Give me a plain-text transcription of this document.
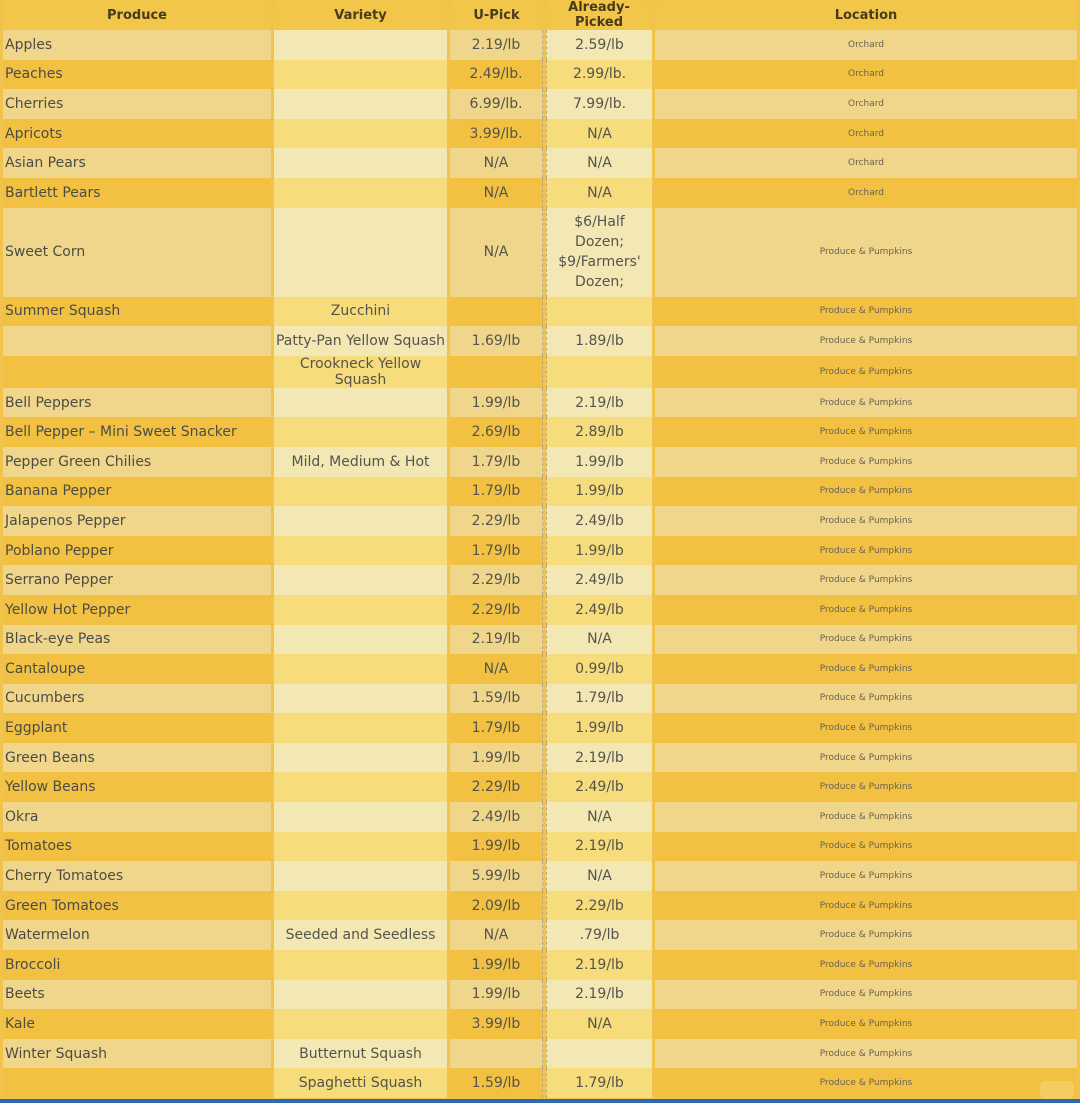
Produce	Variety	U-Pick	Already-Picked	Location
Apples		2.19/lb	2.59/lb	Orchard
Peaches		2.49/lb.	2.99/lb.	Orchard
Cherries		6.99/lb.	7.99/lb.	Orchard
Apricots		3.99/lb.	N/A	Orchard
Asian Pears		N/A	N/A	Orchard
Bartlett Pears		N/A	N/A	Orchard
Sweet Corn		N/A	$6/Half Dozen; $9/Farmers' Dozen;	Produce & Pumpkins
Summer Squash	Zucchini			Produce & Pumpkins
	Patty-Pan Yellow Squash	1.69/lb	1.89/lb	Produce & Pumpkins
	Crookneck Yellow Squash			Produce & Pumpkins
Bell Peppers		1.99/lb	2.19/lb	Produce & Pumpkins
Bell Pepper – Mini Sweet Snacker		2.69/lb	2.89/lb	Produce & Pumpkins
Pepper Green Chilies	Mild, Medium & Hot	1.79/lb	1.99/lb	Produce & Pumpkins
Banana Pepper		1.79/lb	1.99/lb	Produce & Pumpkins
Jalapenos Pepper		2.29/lb	2.49/lb	Produce & Pumpkins
Poblano Pepper		1.79/lb	1.99/lb	Produce & Pumpkins
Serrano Pepper		2.29/lb	2.49/lb	Produce & Pumpkins
Yellow Hot Pepper		2.29/lb	2.49/lb	Produce & Pumpkins
Black-eye Peas		2.19/lb	N/A	Produce & Pumpkins
Cantaloupe		N/A	0.99/lb	Produce & Pumpkins
Cucumbers		1.59/lb	1.79/lb	Produce & Pumpkins
Eggplant		1.79/lb	1.99/lb	Produce & Pumpkins
Green Beans		1.99/lb	2.19/lb	Produce & Pumpkins
Yellow Beans		2.29/lb	2.49/lb	Produce & Pumpkins
Okra		2.49/lb	N/A	Produce & Pumpkins
Tomatoes		1.99/lb	2.19/lb	Produce & Pumpkins
Cherry Tomatoes		5.99/lb	N/A	Produce & Pumpkins
Green Tomatoes		2.09/lb	2.29/lb	Produce & Pumpkins
Watermelon	Seeded and Seedless	N/A	.79/lb	Produce & Pumpkins
Broccoli		1.99/lb	2.19/lb	Produce & Pumpkins
Beets		1.99/lb	2.19/lb	Produce & Pumpkins
Kale		3.99/lb	N/A	Produce & Pumpkins
Winter Squash	Butternut Squash			Produce & Pumpkins
	Spaghetti Squash	1.59/lb	1.79/lb	Produce & Pumpkins
